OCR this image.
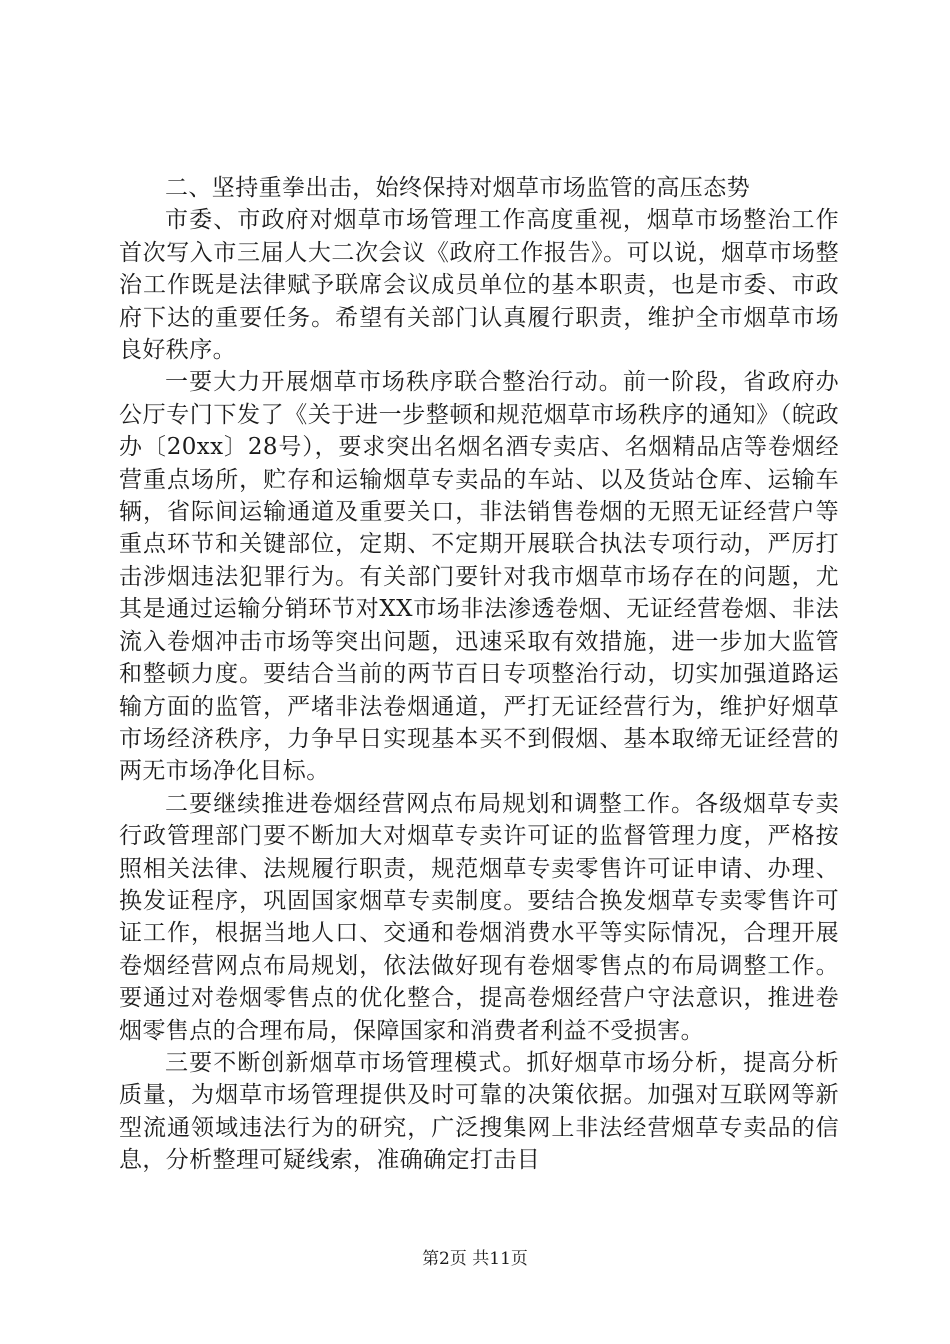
二、坚持重拳出击，始终保持对烟草市场监管的高压态势

市委、市政府对烟草市场管理工作高度重视，烟草市场整治工作首次写入市三届人大二次会议《政府工作报告》。可以说，烟草市场整治工作既是法律赋予联席会议成员单位的基本职责，也是市委、市政府下达的重要任务。希望有关部门认真履行职责，维护全市烟草市场良好秩序。

一要大力开展烟草市场秩序联合整治行动。前一阶段，省政府办公厅专门下发了《关于进一步整顿和规范烟草市场秩序的通知》（皖政办〔20xx〕28号），要求突出名烟名酒专卖店、名烟精品店等卷烟经营重点场所，贮存和运输烟草专卖品的车站、以及货站仓库、运输车辆，省际间运输通道及重要关口，非法销售卷烟的无照无证经营户等重点环节和关键部位，定期、不定期开展联合执法专项行动，严厉打击涉烟违法犯罪行为。有关部门要针对我市烟草市场存在的问题，尤其是通过运输分销环节对XX市场非法渗透卷烟、无证经营卷烟、非法流入卷烟冲击市场等突出问题，迅速采取有效措施，进一步加大监管和整顿力度。要结合当前的两节百日专项整治行动，切实加强道路运输方面的监管，严堵非法卷烟通道，严打无证经营行为，维护好烟草市场经济秩序，力争早日实现基本买不到假烟、基本取缔无证经营的两无市场净化目标。

二要继续推进卷烟经营网点布局规划和调整工作。各级烟草专卖行政管理部门要不断加大对烟草专卖许可证的监督管理力度，严格按照相关法律、法规履行职责，规范烟草专卖零售许可证申请、办理、换发证程序，巩固国家烟草专卖制度。要结合换发烟草专卖零售许可证工作，根据当地人口、交通和卷烟消费水平等实际情况，合理开展卷烟经营网点布局规划，依法做好现有卷烟零售点的布局调整工作。要通过对卷烟零售点的优化整合，提高卷烟经营户守法意识，推进卷烟零售点的合理布局，保障国家和消费者利益不受损害。

三要不断创新烟草市场管理模式。抓好烟草市场分析，提高分析质量，为烟草市场管理提供及时可靠的决策依据。加强对互联网等新型流通领域违法行为的研究，广泛搜集网上非法经营烟草专卖品的信息，分析整理可疑线索，准确确定打击目

第2页 共11页
